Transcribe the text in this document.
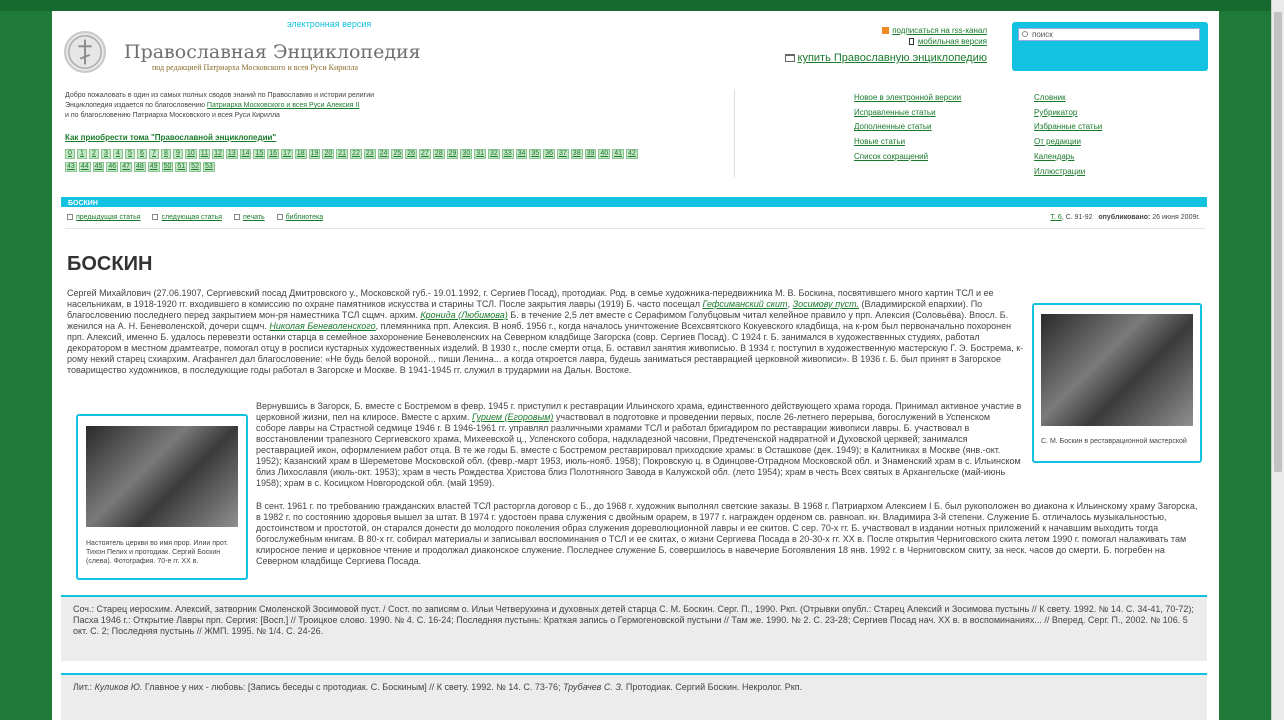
электронная версия
Православная Энциклопедия
под редакцией Патриарха Московского и всея Руси Кирилла
подписаться на rss-канал
мобильная версия
купить Православную энциклопедию
поиск
Добро пожаловать в один из самых полных сводов знаний по Православию и истории религии
Энциклопедия издается по благословению Патриарха Московского и всея Руси Алексия II
и по благословению Патриарха Московского и всея Руси Кирилла
Как приобрести тома "Православной энциклопедии"
0 1 2 3 4 5 6 7 8 9 10 11 12 13 14 15 16 17 18 19 20 21 22 23 24 25 26 27 28 29 30 31 32 33 34 35 36 37 38 39 40 41 42
43 44 45 46 47 48 49 50 51 52 53
Новое в электронной версии
Исправленные статьи
Дополненные статьи
Новые статьи
Список сокращений
Словник
Рубрикатор
Избранные статьи
От редакции
Календарь
Иллюстрации
БОСКИН
предыдущая статья	следующая статья	печать	библиотека	Т. 6, С. 91-92 опубликовано: 26 июня 2009г.
БОСКИН
Сергей Михайлович (27.06.1907, Сергиевский посад Дмитровского у., Московской губ.- 19.01.1992, г. Сергиев Посад), протодиак. Род. в семье художника-передвижника М. В. Боскина, посвятившего много картин ТСЛ и ее насельникам, в 1918-1920 гг. входившего в комиссию по охране памятников искусства и старины ТСЛ. После закрытия лавры (1919) Б. часто посещал Гефсиманский скит, Зосимову пуст. (Владимирской епархии). По благословению последнего перед закрытием мон-ря наместника ТСЛ сщмч. архим. Кронида (Любимова) Б. в течение 2,5 лет вместе с Серафимом Голубцовым читал келейное правило у прп. Алексия (Соловьёва). Впосл. Б. женился на А. Н. Беневоленской, дочери сщмч. Николая Беневоленского, племянника прп. Алексия. В нояб. 1956 г., когда началось уничтожение Всехсвятского Кокуевского кладбища, на к-ром был первоначально похоронен прп. Алексий, именно Б. удалось перевезти останки старца в семейное захоронение Беневоленских на Северном кладбище Загорска (совр. Сергиев Посад). С 1924 г. Б. занимался в художественных студиях, работал декоратором в местном драмтеатре, помогал отцу в росписи кустарных художественных изделий. В 1930 г., после смерти отца, Б. оставил занятия живописью. В 1934 г. поступил в художественную мастерскую Г. Э. Бострема, к-рому некий старец схиархим. Агафангел дал благословение: «Не будь белой вороной... пиши Ленина... а когда откроется лавра, будешь заниматься реставрацией церковной живописи». В 1936 г. Б. был принят в Загорское товарищество художников, в последующие годы работал в Загорске и Москве. В 1941-1945 гг. служил в трудармии на Дальн. Востоке.
С. М. Боскин в реставрационной мастерской
Настоятель церкви во имя прор. Илии прот. Тихон Пелих и протодиак. Сергий Боскин (слева). Фотография. 70-е гг. XX в.
Вернувшись в Загорск, Б. вместе с Бостремом в февр. 1945 г. приступил к реставрации Ильинского храма, единственного действующего храма города. Принимал активное участие в церковной жизни, пел на клиросе. Вместе с архим. Гурием (Егоровым) участвовал в подготовке и проведении первых, после 26-летнего перерыва, богослужений в Успенском соборе лавры на Страстной седмице 1946 г. В 1946-1961 гг. управлял различными храмами ТСЛ и работал бригадиром по реставрации живописи лавры. Б. участвовал в восстановлении трапезного Сергиевского храма, Михеевской ц., Успенского собора, надкладезной часовни, Предтеченской надвратной и Духовской церквей; занимался реставрацией икон, оформлением работ отца. В те же годы Б. вместе с Бостремом реставрировал приходские храмы: в Осташкове (дек. 1949); в Калитниках в Москве (янв.-окт. 1952); Казанский храм в Шереметове Московской обл. (февр.-март 1953, июль-нояб. 1958); Покровскую ц. в Одинцове-Отрадном Московской обл. и Знаменский храм в с. Ильинском близ Лихославля (июль-окт. 1953); храм в честь Рождества Христова близ Полотняного Завода в Калужской обл. (лето 1954); храм в честь Всех святых в Архангельске (май-июнь 1958); храм в с. Косицком Новгородской обл. (май 1959).
В сент. 1961 г. по требованию гражданских властей ТСЛ расторгла договор с Б., до 1968 г. художник выполнял светские заказы. В 1968 г. Патриархом Алексием I Б. был рукоположен во диакона к Ильинскому храму Загорска, в 1982 г. по состоянию здоровья вышел за штат. В 1974 г. удостоен права служения с двойным орарем, в 1977 г. награжден орденом св. равноап. кн. Владимира 3-й степени. Служение Б. отличалось музыкальностью, достоинством и простотой, он старался донести до молодого поколения образ служения дореволюционной лавры и ее скитов. С сер. 70-х гг. Б. участвовал в издании нотных приложений к начавшим выходить тогда богослужебным книгам. В 80-х гг. собирал материалы и записывал воспоминания о ТСЛ и ее скитах, о жизни Сергиева Посада в 20-30-х гг. XX в. После открытия Черниговского скита летом 1990 г. помогал налаживать там клиросное пение и церковное чтение и продолжал диаконское служение. Последнее служение Б. совершилось в навечерие Богоявления 18 янв. 1992 г. в Черниговском скиту, за неск. часов до смерти. Б. погребен на Северном кладбище Сергиева Посада.
Соч.: Старец иеросхим. Алексий, затворник Смоленской Зосимовой пуст. / Сост. по записям о. Ильи Четверухина и духовных детей старца С. М. Боскин. Серг. П., 1990. Ркп. (Отрывки опубл.: Старец Алексий и Зосимова пустынь // К свету. 1992. № 14. С. 34-41, 70-72); Пасха 1946 г.: Открытие Лавры прп. Сергия: [Восп.] // Троицкое слово. 1990. № 4. С. 16-24; Последняя пустынь: Краткая запись о Гермогеновской пустыни // Там же. 1990. № 2. С. 23-28; Сергиев Посад нач. XX в. в воспоминаниях... // Вперед. Серг. П., 2002. № 106. 5 окт. С. 2; Последняя пустынь // ЖМП. 1995. № 1/4. С. 24-26.
Лит.: Куликов Ю. Главное у них - любовь: [Запись беседы с протодиак. С. Боскиным] // К свету. 1992. № 14. С. 73-76; Трубачев С. З. Протодиак. Сергий Боскин. Некролог. Ркп.
